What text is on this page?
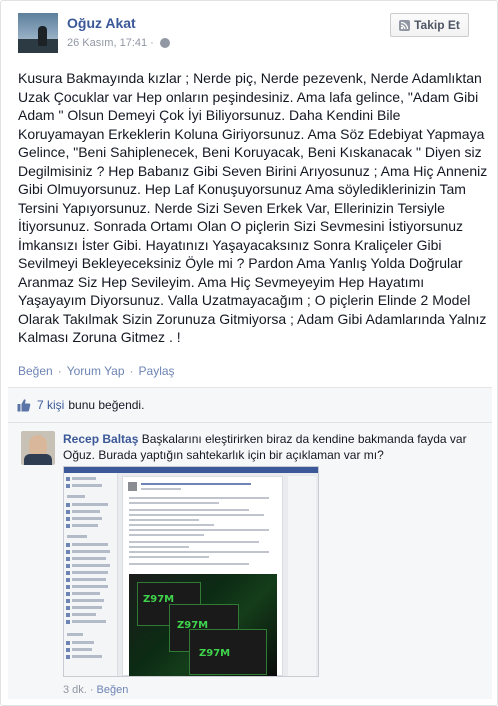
Oğuz Akat
26 Kasım, 17:41 ·
Takip Et
Kusura Bakmayında kızlar ; Nerde piç, Nerde pezevenk, Nerde Adamlıktan Uzak Çocuklar var Hep onların peşindesiniz. Ama lafa gelince, "Adam Gibi Adam " Olsun Demeyi Çok İyi Biliyorsunuz. Daha Kendini Bile Koruyamayan Erkeklerin Koluna Giriyorsunuz. Ama Söz Edebiyat Yapmaya Gelince, "Beni Sahiplenecek, Beni Koruyacak, Beni Kıskanacak " Diyen siz Degilmisiniz ? Hep Babanız Gibi Seven Birini Arıyosunuz ; Ama Hiç Anneniz Gibi Olmuyorsunuz. Hep Laf Konuşuyorsunuz Ama söylediklerinizin Tam Tersini Yapıyorsunuz. Nerde Sizi Seven Erkek Var, Ellerinizin Tersiyle İtiyorsunuz. Sonrada Ortamı Olan O piçlerin Sizi Sevmesini İstiyorsunuz İmkansızı İster Gibi. Hayatınızı Yaşayacaksınız Sonra Kraliçeler Gibi Sevilmeyi Bekleyeceksiniz Öyle mi ? Pardon Ama Yanlış Yolda Doğrular Aranmaz Siz Hep Sevileyim. Ama Hiç Sevmeyeyim Hep Hayatımı Yaşayayım Diyorsunuz. Valla Uzatmayacağım ; O piçlerin Elinde 2 Model Olarak Takılmak Sizin Zorunuza Gitmiyorsa ; Adam Gibi Adamlarında Yalnız Kalması Zoruna Gitmez . !
Beğen · Yorum Yap · Paylaş
7 kişi bunu beğendi.
Recep Baltaş Başkalarını eleştirirken biraz da kendine bakmanda fayda var Oğuz. Burada yaptığın sahtekarlık için bir açıklaman var mı?
Z97M
Z97M
Z97M
3 dk. · Beğen
